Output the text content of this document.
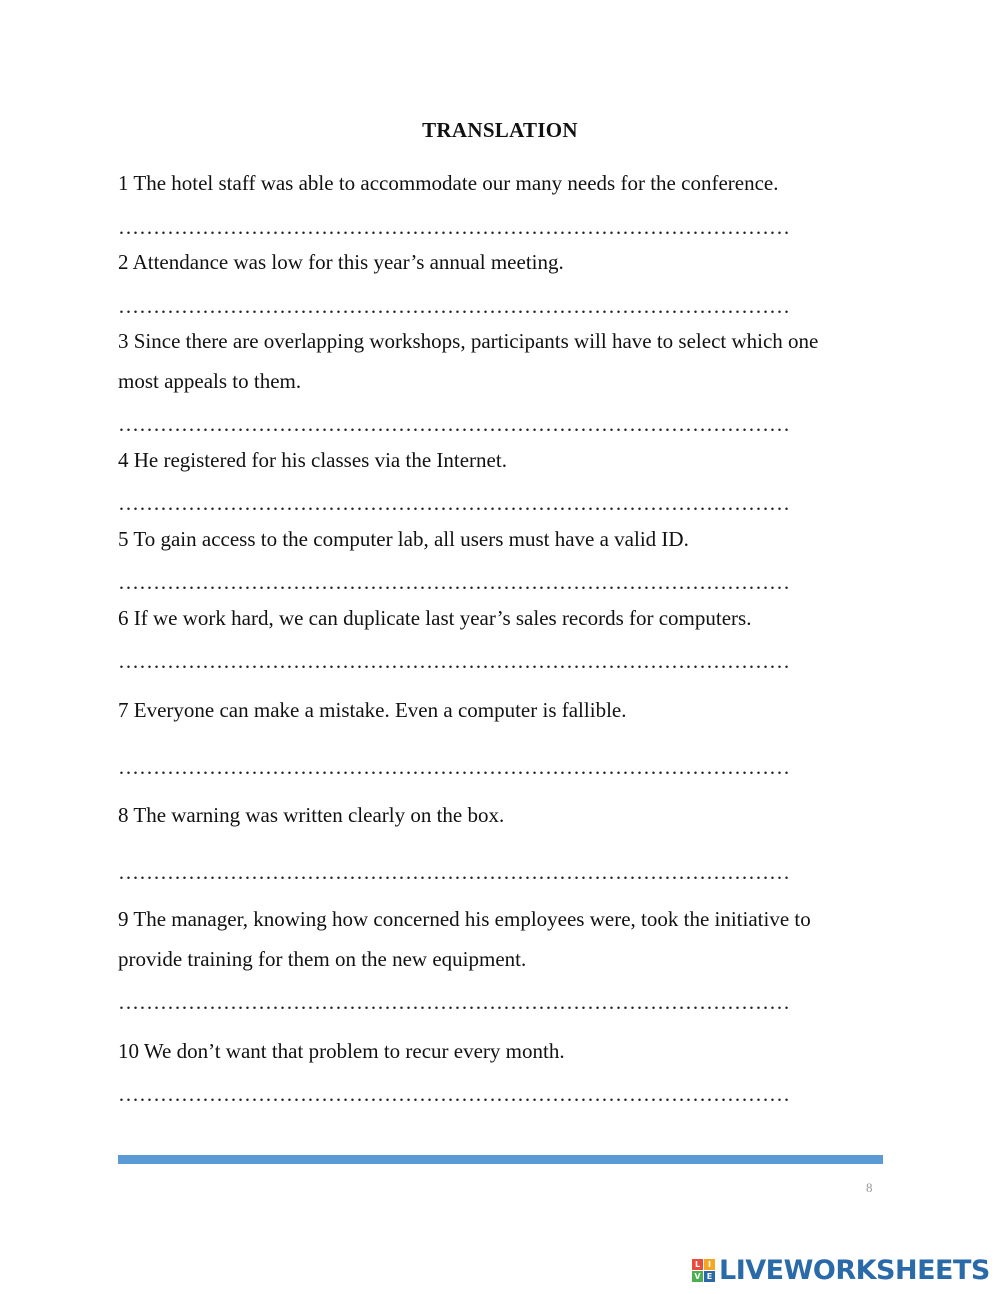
TRANSLATION
1 The hotel staff was able to accommodate our many needs for the conference.
……………………………………………………………………………………
2 Attendance was low for this year’s annual meeting.
……………………………………………………………………………………
3 Since there are overlapping workshops, participants will have to select which one
most appeals to them.
……………………………………………………………………………………
4 He registered for his classes via the Internet.
……………………………………………………………………………………
5 To gain access to the computer lab, all users must have a valid ID.
……………………………………………………………………………………
6 If we work hard, we can duplicate last year’s sales records for computers.
……………………………………………………………………………………
7 Everyone can make a mistake. Even a computer is fallible.
……………………………………………………………………………………
8 The warning was written clearly on the box.
……………………………………………………………………………………
9 The manager, knowing how concerned his employees were, took the initiative to
provide training for them on the new equipment.
……………………………………………………………………………………
10 We don’t want that problem to recur every month.
……………………………………………………………………………………
8
L I
V E LIVEWORKSHEETS
